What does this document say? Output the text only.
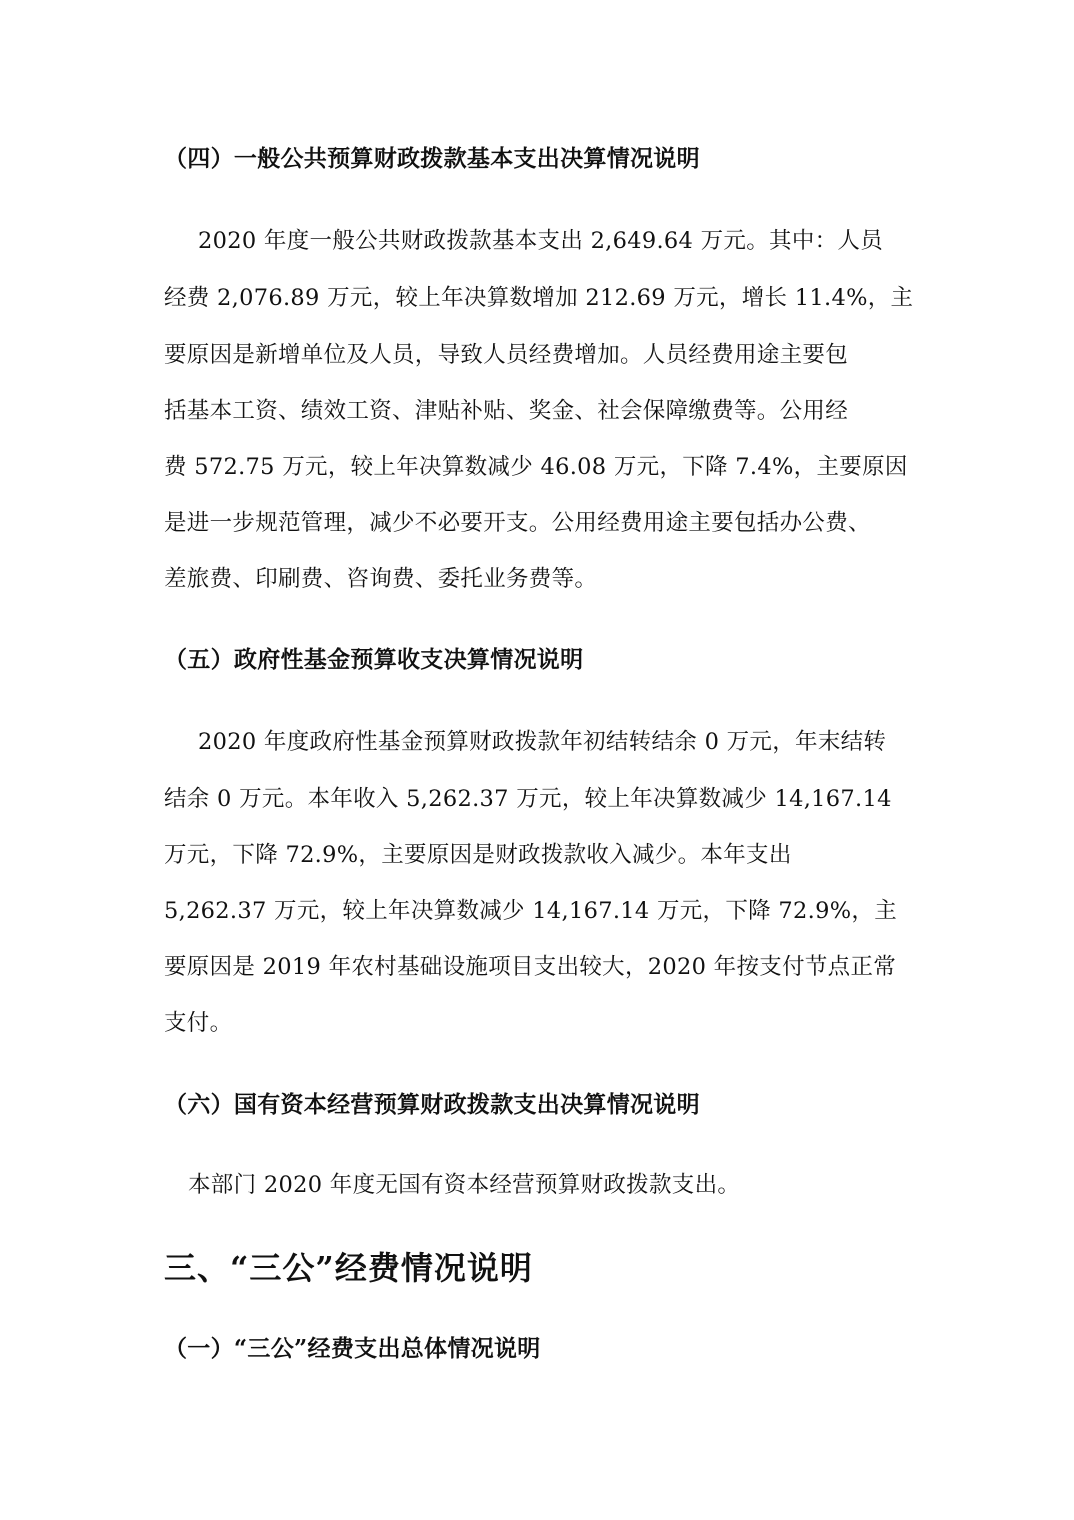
（四）一般公共预算财政拨款基本支出决算情况说明
2020 年度一般公共财政拨款基本支出 2,649.64 万元。其中：人员
经费 2,076.89 万元，较上年决算数增加 212.69 万元，增长 11.4%，主
要原因是新增单位及人员，导致人员经费增加。人员经费用途主要包
括基本工资、绩效工资、津贴补贴、奖金、社会保障缴费等。公用经
费 572.75 万元，较上年决算数减少 46.08 万元，下降 7.4%，主要原因
是进一步规范管理，减少不必要开支。公用经费用途主要包括办公费、
差旅费、印刷费、咨询费、委托业务费等。
（五）政府性基金预算收支决算情况说明
2020 年度政府性基金预算财政拨款年初结转结余 0 万元，年末结转
结余 0 万元。本年收入 5,262.37 万元，较上年决算数减少 14,167.14
万元，下降 72.9%，主要原因是财政拨款收入减少。本年支出
5,262.37 万元，较上年决算数减少 14,167.14 万元，下降 72.9%，主
要原因是 2019 年农村基础设施项目支出较大，2020 年按支付节点正常
支付。
（六）国有资本经营预算财政拨款支出决算情况说明
本部门 2020 年度无国有资本经营预算财政拨款支出。
三、“三公”经费情况说明
（一）“三公”经费支出总体情况说明
